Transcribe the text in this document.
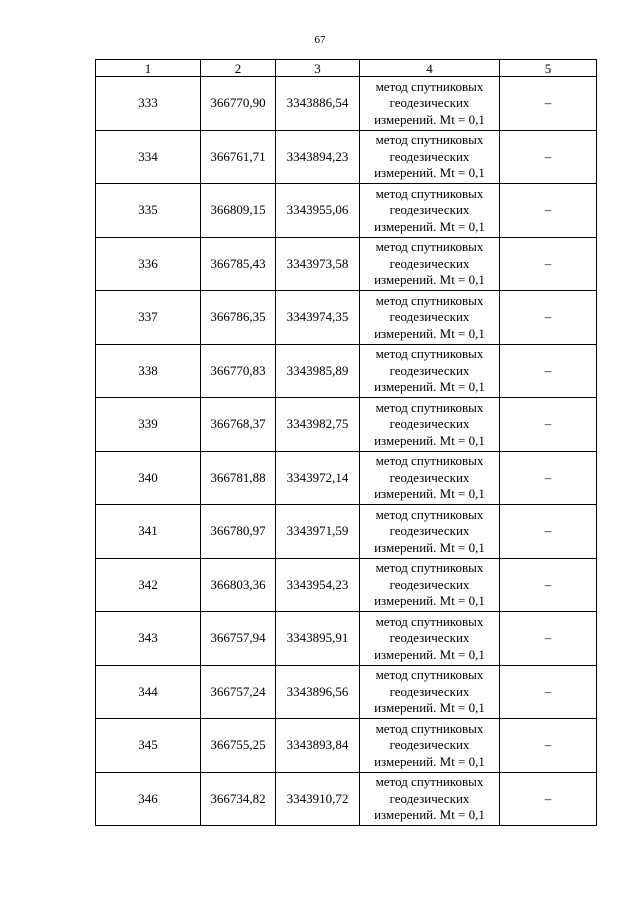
67
1	2	3	4	5
333	366770,90	3343886,54	метод спутниковых
геодезических
измерений. Mt = 0,1	–
334	366761,71	3343894,23	метод спутниковых
геодезических
измерений. Mt = 0,1	–
335	366809,15	3343955,06	метод спутниковых
геодезических
измерений. Mt = 0,1	–
336	366785,43	3343973,58	метод спутниковых
геодезических
измерений. Mt = 0,1	–
337	366786,35	3343974,35	метод спутниковых
геодезических
измерений. Mt = 0,1	–
338	366770,83	3343985,89	метод спутниковых
геодезических
измерений. Mt = 0,1	–
339	366768,37	3343982,75	метод спутниковых
геодезических
измерений. Mt = 0,1	–
340	366781,88	3343972,14	метод спутниковых
геодезических
измерений. Mt = 0,1	–
341	366780,97	3343971,59	метод спутниковых
геодезических
измерений. Mt = 0,1	–
342	366803,36	3343954,23	метод спутниковых
геодезических
измерений. Mt = 0,1	–
343	366757,94	3343895,91	метод спутниковых
геодезических
измерений. Mt = 0,1	–
344	366757,24	3343896,56	метод спутниковых
геодезических
измерений. Mt = 0,1	–
345	366755,25	3343893,84	метод спутниковых
геодезических
измерений. Mt = 0,1	–
346	366734,82	3343910,72	метод спутниковых
геодезических
измерений. Mt = 0,1	–
